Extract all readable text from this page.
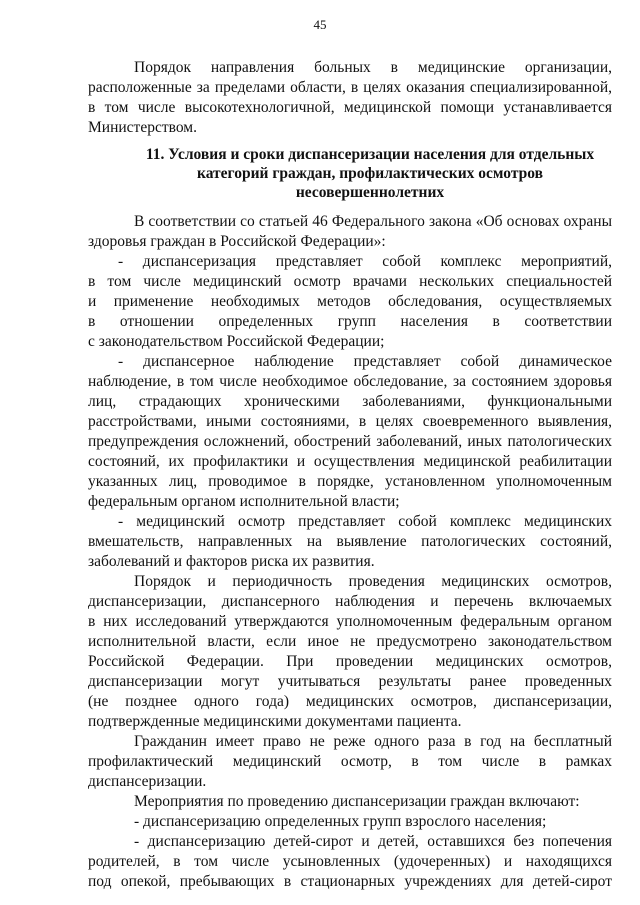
45
Порядок направления больных в медицинские организации,
расположенные за пределами области, в целях оказания специализированной,
в том числе высокотехнологичной, медицинской помощи устанавливается
Министерством.
11. Условия и сроки диспансеризации населения для отдельных
категорий граждан, профилактических осмотров
несовершеннолетних
В соответствии со статьей 46 Федерального закона «Об основах охраны
здоровья граждан в Российской Федерации»:
- диспансеризация представляет собой комплекс мероприятий,
в том числе медицинский осмотр врачами нескольких специальностей
и применение необходимых методов обследования, осуществляемых
в отношении определенных групп населения в соответствии
с законодательством Российской Федерации;
- диспансерное наблюдение представляет собой динамическое
наблюдение, в том числе необходимое обследование, за состоянием здоровья
лиц, страдающих хроническими заболеваниями, функциональными
расстройствами, иными состояниями, в целях своевременного выявления,
предупреждения осложнений, обострений заболеваний, иных патологических
состояний, их профилактики и осуществления медицинской реабилитации
указанных лиц, проводимое в порядке, установленном уполномоченным
федеральным органом исполнительной власти;
- медицинский осмотр представляет собой комплекс медицинских
вмешательств, направленных на выявление патологических состояний,
заболеваний и факторов риска их развития.
Порядок и периодичность проведения медицинских осмотров,
диспансеризации, диспансерного наблюдения и перечень включаемых
в них исследований утверждаются уполномоченным федеральным органом
исполнительной власти, если иное не предусмотрено законодательством
Российской Федерации. При проведении медицинских осмотров,
диспансеризации могут учитываться результаты ранее проведенных
(не позднее одного года) медицинских осмотров, диспансеризации,
подтвержденные медицинскими документами пациента.
Гражданин имеет право не реже одного раза в год на бесплатный
профилактический медицинский осмотр, в том числе в рамках
диспансеризации.
Мероприятия по проведению диспансеризации граждан включают:
- диспансеризацию определенных групп взрослого населения;
- диспансеризацию детей-сирот и детей, оставшихся без попечения
родителей, в том числе усыновленных (удочеренных) и находящихся
под опекой, пребывающих в стационарных учреждениях для детей-сирот
